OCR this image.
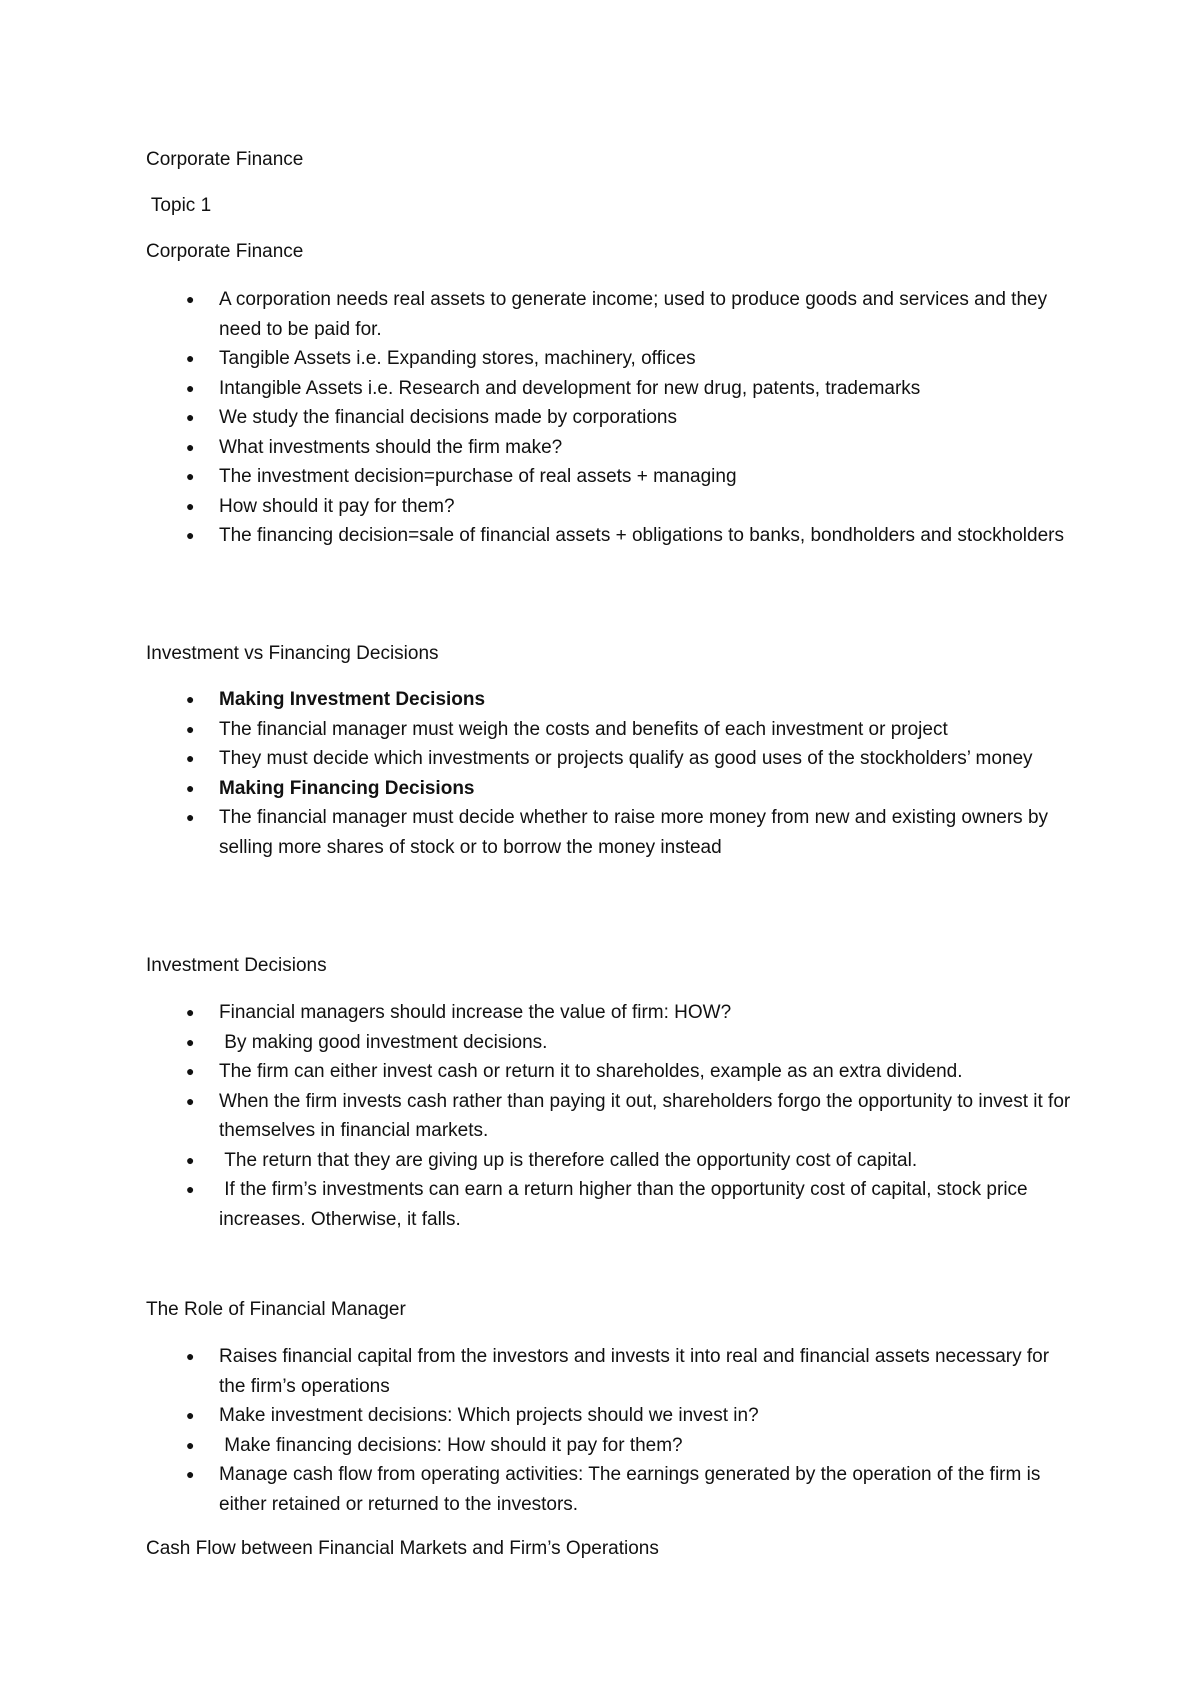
Corporate Finance
Topic 1
Corporate Finance
● A corporation needs real assets to generate income; used to produce goods and services and they need to be paid for.
● Tangible Assets i.e. Expanding stores, machinery, offices
● Intangible Assets i.e. Research and development for new drug, patents, trademarks
● We study the financial decisions made by corporations
● What investments should the firm make?
● The investment decision=purchase of real assets + managing
● How should it pay for them?
● The financing decision=sale of financial assets + obligations to banks, bondholders and stockholders
Investment vs Financing Decisions
● Making Investment Decisions
● The financial manager must weigh the costs and benefits of each investment or project
● They must decide which investments or projects qualify as good uses of the stockholders’ money
● Making Financing Decisions
● The financial manager must decide whether to raise more money from new and existing owners by selling more shares of stock or to borrow the money instead
Investment Decisions
● Financial managers should increase the value of firm: HOW?
● By making good investment decisions.
● The firm can either invest cash or return it to shareholdes, example as an extra dividend.
● When the firm invests cash rather than paying it out, shareholders forgo the opportunity to invest it for themselves in financial markets.
● The return that they are giving up is therefore called the opportunity cost of capital.
● If the firm’s investments can earn a return higher than the opportunity cost of capital, stock price increases. Otherwise, it falls.
The Role of Financial Manager
● Raises financial capital from the investors and invests it into real and financial assets necessary for the firm’s operations
● Make investment decisions: Which projects should we invest in?
● Make financing decisions: How should it pay for them?
● Manage cash flow from operating activities: The earnings generated by the operation of the firm is either retained or returned to the investors.
Cash Flow between Financial Markets and Firm’s Operations
